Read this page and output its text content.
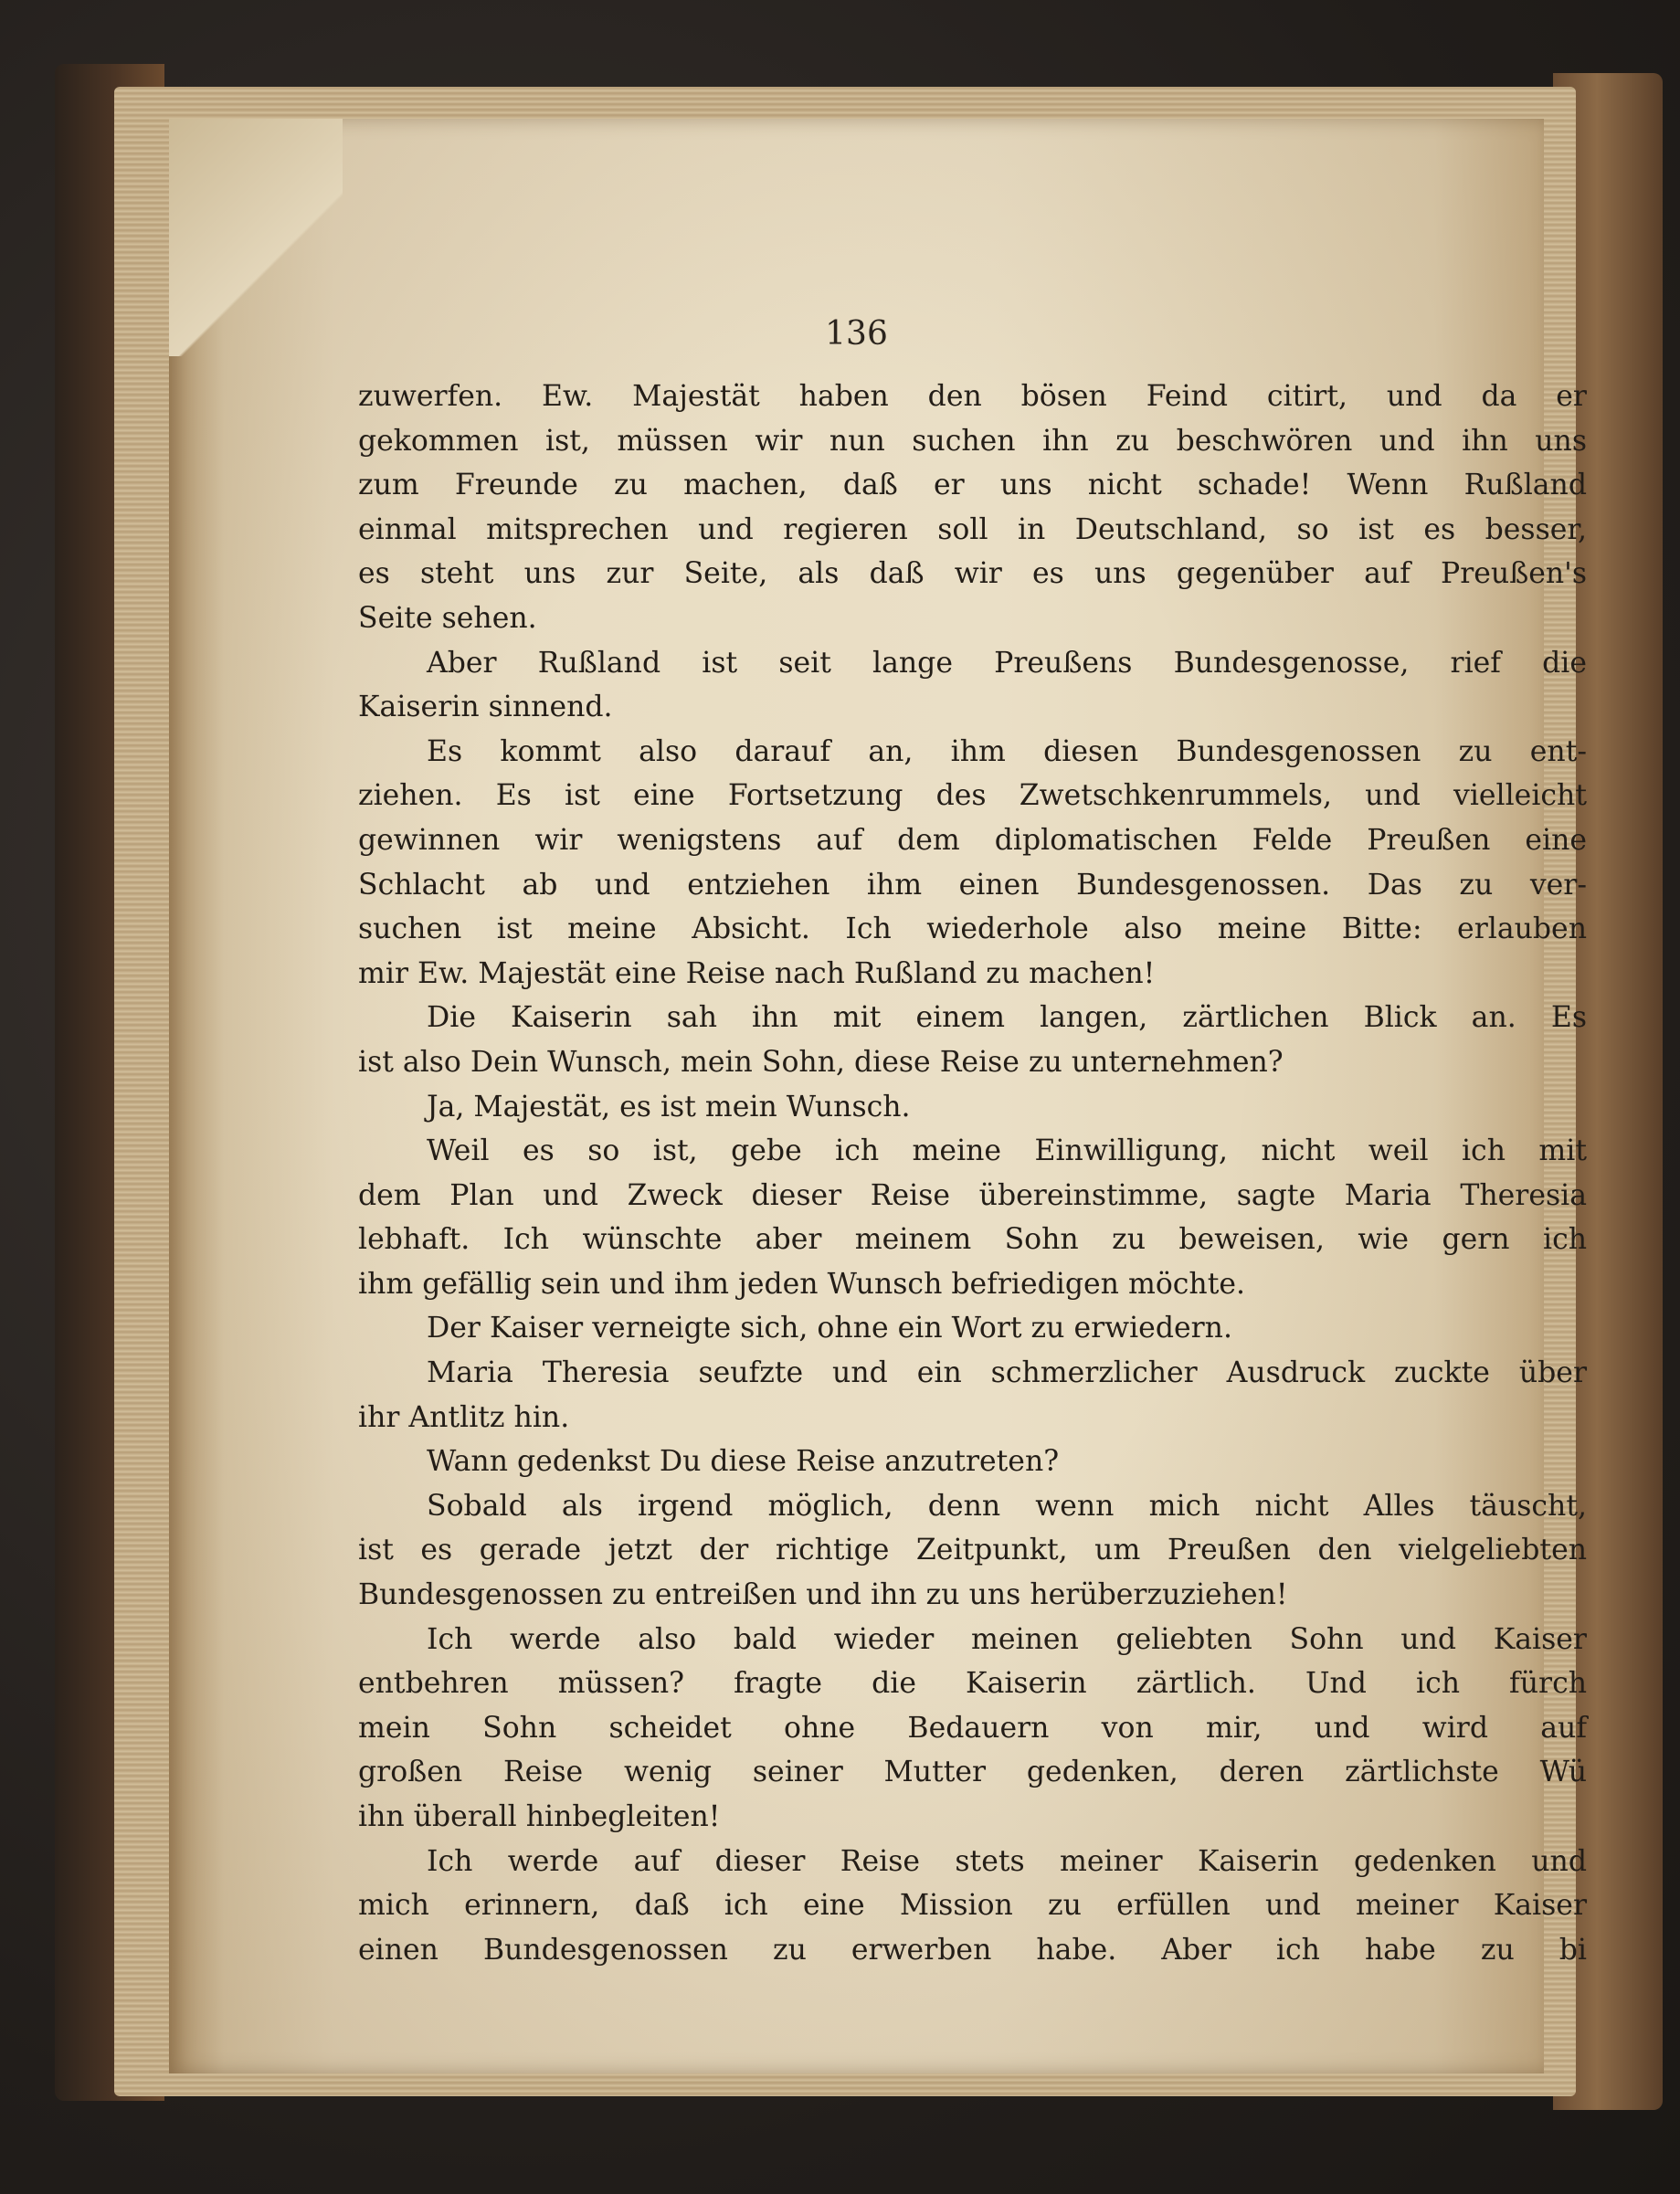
136
zuwerfen. Ew. Majestät haben den bösen Feind citirt, und da er
gekommen ist, müssen wir nun suchen ihn zu beschwören und ihn uns
zum Freunde zu machen, daß er uns nicht schade! Wenn Rußland
einmal mitsprechen und regieren soll in Deutschland, so ist es besser,
es steht uns zur Seite, als daß wir es uns gegenüber auf Preußen's
Seite sehen.
Aber Rußland ist seit lange Preußens Bundesgenosse, rief die
Kaiserin sinnend.
Es kommt also darauf an, ihm diesen Bundesgenossen zu ent-
ziehen. Es ist eine Fortsetzung des Zwetschkenrummels, und vielleicht
gewinnen wir wenigstens auf dem diplomatischen Felde Preußen eine
Schlacht ab und entziehen ihm einen Bundesgenossen. Das zu ver-
suchen ist meine Absicht. Ich wiederhole also meine Bitte: erlauben
mir Ew. Majestät eine Reise nach Rußland zu machen!
Die Kaiserin sah ihn mit einem langen, zärtlichen Blick an. Es
ist also Dein Wunsch, mein Sohn, diese Reise zu unternehmen?
Ja, Majestät, es ist mein Wunsch.
Weil es so ist, gebe ich meine Einwilligung, nicht weil ich mit
dem Plan und Zweck dieser Reise übereinstimme, sagte Maria Theresia
lebhaft. Ich wünschte aber meinem Sohn zu beweisen, wie gern ich
ihm gefällig sein und ihm jeden Wunsch befriedigen möchte.
Der Kaiser verneigte sich, ohne ein Wort zu erwiedern.
Maria Theresia seufzte und ein schmerzlicher Ausdruck zuckte über
ihr Antlitz hin.
Wann gedenkst Du diese Reise anzutreten?
Sobald als irgend möglich, denn wenn mich nicht Alles täuscht,
ist es gerade jetzt der richtige Zeitpunkt, um Preußen den vielgeliebten
Bundesgenossen zu entreißen und ihn zu uns herüberzuziehen!
Ich werde also bald wieder meinen geliebten Sohn und Kaiser
entbehren müssen? fragte die Kaiserin zärtlich. Und ich fürch
mein Sohn scheidet ohne Bedauern von mir, und wird auf
großen Reise wenig seiner Mutter gedenken, deren zärtlichste Wü
ihn überall hinbegleiten!
Ich werde auf dieser Reise stets meiner Kaiserin gedenken und
mich erinnern, daß ich eine Mission zu erfüllen und meiner Kaiser
einen Bundesgenossen zu erwerben habe. Aber ich habe zu bi
